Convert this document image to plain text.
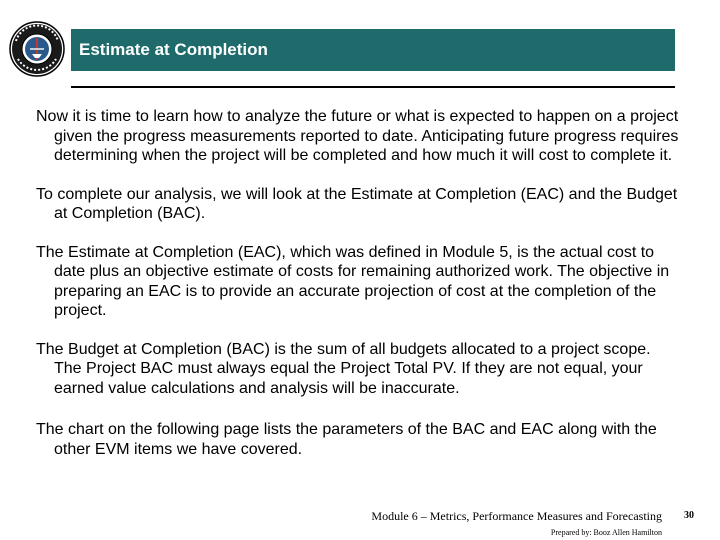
Estimate at Completion

Now it is time to learn how to analyze the future or what is expected to happen on a project given the progress measurements reported to date. Anticipating future progress requires determining when the project will be completed and how much it will cost to complete it.

To complete our analysis, we will look at the Estimate at Completion (EAC) and the Budget at Completion (BAC).

The Estimate at Completion (EAC), which was defined in Module 5, is the actual cost to date plus an objective estimate of costs for remaining authorized work. The objective in preparing an EAC is to provide an accurate projection of cost at the completion of the project.

The Budget at Completion (BAC) is the sum of all budgets allocated to a project scope. The Project BAC must always equal the Project Total PV. If they are not equal, your earned value calculations and analysis will be inaccurate.

The chart on the following page lists the parameters of the BAC and EAC along with the other EVM items we have covered.

Module 6 – Metrics, Performance Measures and Forecasting 30
Prepared by: Booz Allen Hamilton
